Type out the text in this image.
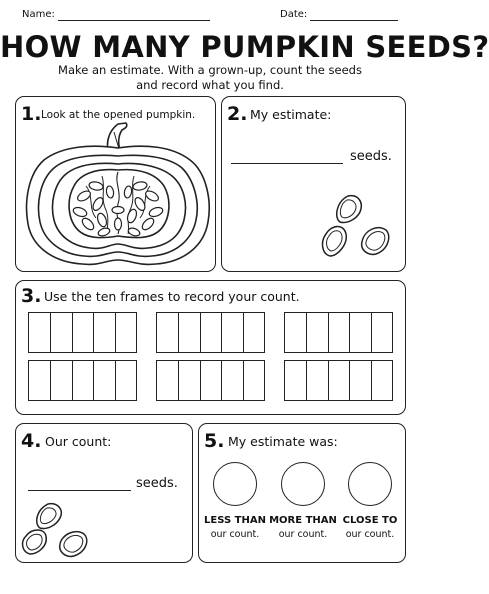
Name:	Date:
HOW MANY PUMPKIN SEEDS?
Make an estimate. With a grown-up, count the seeds
and record what you find.
1. Look at the opened pumpkin. 2. My estimate:
seeds.
3. Use the ten frames to record your count.
4. Our count:
seeds.
5. My estimate was:
LESS THAN
our count.
MORE THAN
our count.
CLOSE TO
our count.
